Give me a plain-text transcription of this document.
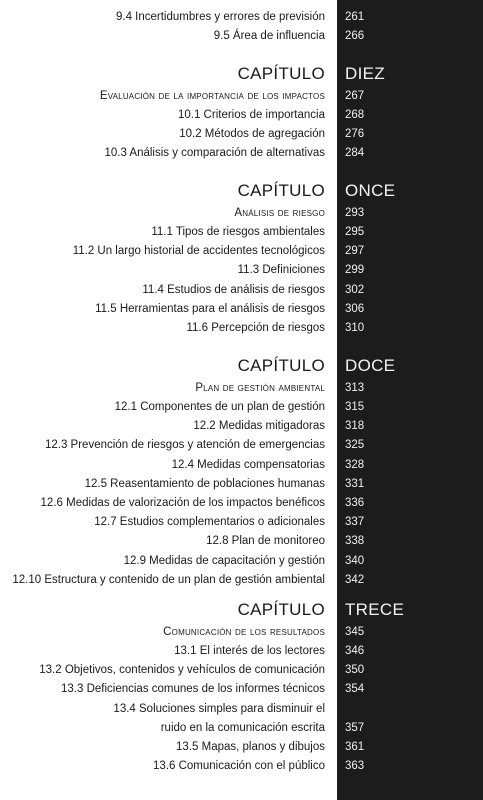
9.4 Incertidumbres y errores de previsión 261
9.5 Área de influencia 266
CAPÍTULO DIEZ
Evaluación de la importancia de los impactos 267
10.1 Criterios de importancia 268
10.2 Métodos de agregación 276
10.3 Análisis y comparación de alternativas 284
CAPÍTULO ONCE
Análisis de riesgo 293
11.1 Tipos de riesgos ambientales 295
11.2 Un largo historial de accidentes tecnológicos 297
11.3 Definiciones 299
11.4 Estudios de análisis de riesgos 302
11.5 Herramientas para el análisis de riesgos 306
11.6 Percepción de riesgos 310
CAPÍTULO DOCE
Plan de gestión ambiental 313
12.1 Componentes de un plan de gestión 315
12.2 Medidas mitigadoras 318
12.3 Prevención de riesgos y atención de emergencias 325
12.4 Medidas compensatorias 328
12.5 Reasentamiento de poblaciones humanas 331
12.6 Medidas de valorización de los impactos benéficos 336
12.7 Estudios complementarios o adicionales 337
12.8 Plan de monitoreo 338
12.9 Medidas de capacitación y gestión 340
12.10 Estructura y contenido de un plan de gestión ambiental 342
CAPÍTULO TRECE
Comunicación de los resultados 345
13.1 El interés de los lectores 346
13.2 Objetivos, contenidos y vehículos de comunicación 350
13.3 Deficiencias comunes de los informes técnicos 354
13.4 Soluciones simples para disminuir el
ruido en la comunicación escrita 357
13.5 Mapas, planos y dibujos 361
13.6 Comunicación con el público 363
